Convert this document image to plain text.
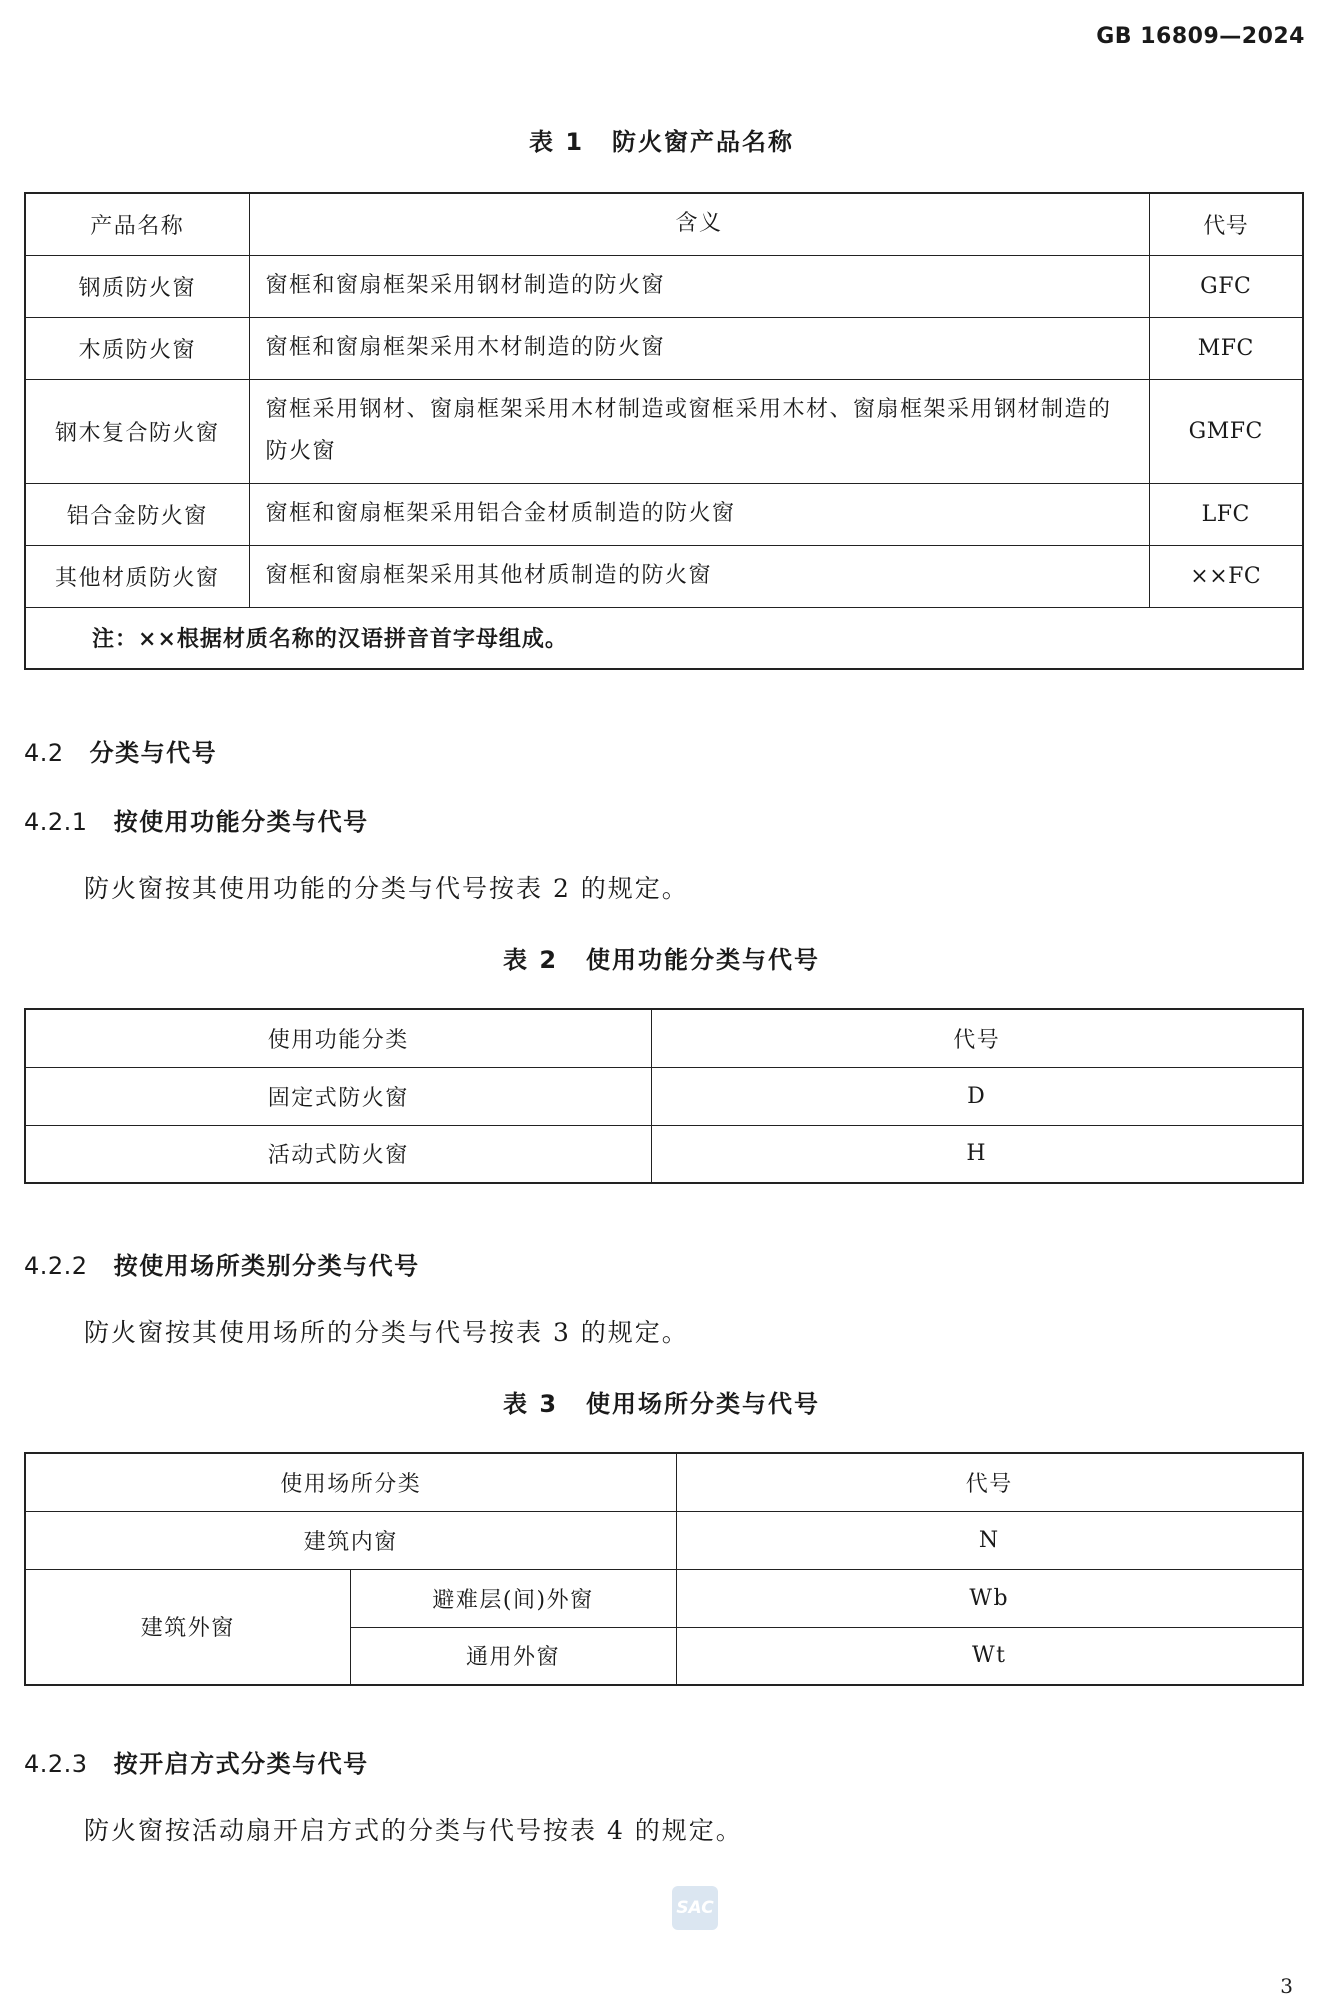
GB 16809—2024
表 1 防火窗产品名称
产品名称	含义	代号
钢质防火窗	窗框和窗扇框架采用钢材制造的防火窗	GFC
木质防火窗	窗框和窗扇框架采用木材制造的防火窗	MFC
钢木复合防火窗	窗框采用钢材、窗扇框架采用木材制造或窗框采用木材、窗扇框架采用钢材制造的防火窗	GMFC
铝合金防火窗	窗框和窗扇框架采用铝合金材质制造的防火窗	LFC
其他材质防火窗	窗框和窗扇框架采用其他材质制造的防火窗	××FC
注：××根据材质名称的汉语拼音首字母组成。		
4.2 分类与代号
4.2.1 按使用功能分类与代号
防火窗按其使用功能的分类与代号按表 2 的规定。
表 2 使用功能分类与代号
使用功能分类	代号
固定式防火窗	D
活动式防火窗	H
4.2.2 按使用场所类别分类与代号
防火窗按其使用场所的分类与代号按表 3 的规定。
表 3 使用场所分类与代号
使用场所分类		代号
建筑内窗		N
建筑外窗	避难层(间)外窗	Wb
	通用外窗	Wt
4.2.3 按开启方式分类与代号
防火窗按活动扇开启方式的分类与代号按表 4 的规定。
SAC
3
